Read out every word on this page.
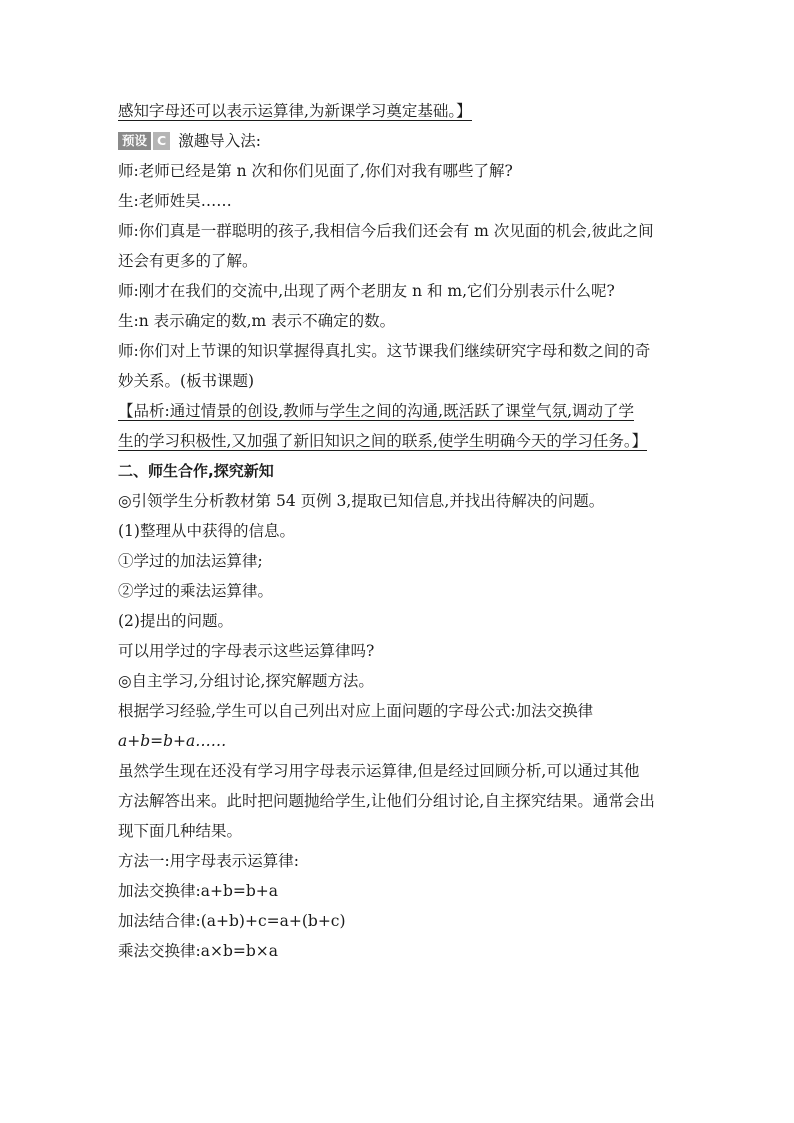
感知字母还可以表示运算律,为新课学习奠定基础。】
预设 C 激趣导入法:
师:老师已经是第 n 次和你们见面了,你们对我有哪些了解?
生:老师姓吴……
师:你们真是一群聪明的孩子,我相信今后我们还会有 m 次见面的机会,彼此之间
还会有更多的了解。
师:刚才在我们的交流中,出现了两个老朋友 n 和 m,它们分别表示什么呢?
生:n 表示确定的数,m 表示不确定的数。
师:你们对上节课的知识掌握得真扎实。这节课我们继续研究字母和数之间的奇
妙关系。(板书课题)
【品析:通过情景的创设,教师与学生之间的沟通,既活跃了课堂气氛,调动了学
生的学习积极性,又加强了新旧知识之间的联系,使学生明确今天的学习任务。】
二、师生合作,探究新知
◎引领学生分析教材第 54 页例 3,提取已知信息,并找出待解决的问题。
(1)整理从中获得的信息。
①学过的加法运算律;
②学过的乘法运算律。
(2)提出的问题。
可以用学过的字母表示这些运算律吗?
◎自主学习,分组讨论,探究解题方法。
根据学习经验,学生可以自己列出对应上面问题的字母公式:加法交换律
a+b=b+a……
虽然学生现在还没有学习用字母表示运算律,但是经过回顾分析,可以通过其他
方法解答出来。此时把问题抛给学生,让他们分组讨论,自主探究结果。通常会出
现下面几种结果。
方法一:用字母表示运算律:
加法交换律:a+b=b+a
加法结合律:(a+b)+c=a+(b+c)
乘法交换律:a×b=b×a
